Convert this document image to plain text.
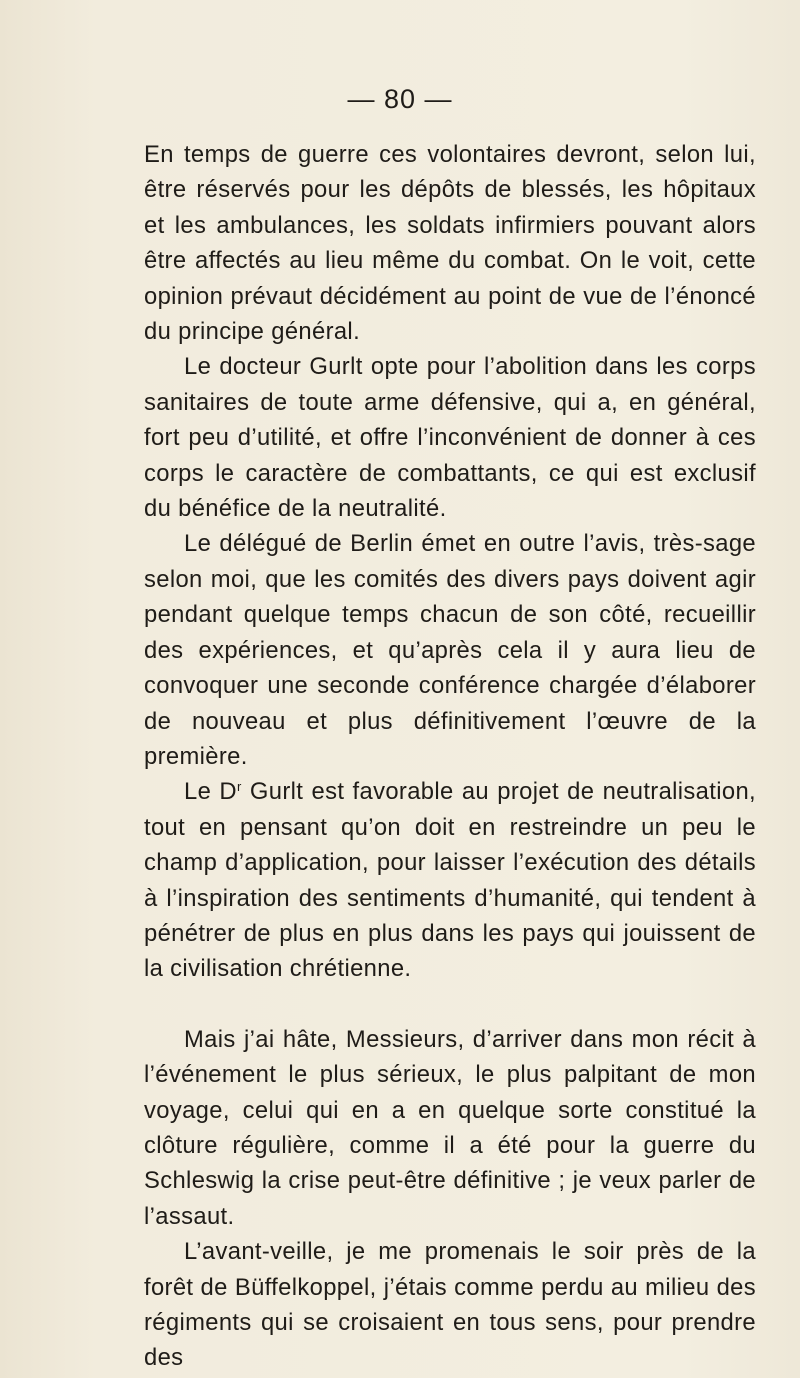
— 80 —

En temps de guerre ces volontaires devront, selon lui, être réservés pour les dépôts de blessés, les hôpitaux et les ambulances, les soldats infirmiers pouvant alors être affectés au lieu même du combat. On le voit, cette opinion prévaut décidément au point de vue de l’énoncé du principe général.

Le docteur Gurlt opte pour l’abolition dans les corps sanitaires de toute arme défensive, qui a, en général, fort peu d’utilité, et offre l’inconvénient de donner à ces corps le caractère de combattants, ce qui est exclusif du bénéfice de la neutralité.

Le délégué de Berlin émet en outre l’avis, très-sage selon moi, que les comités des divers pays doivent agir pendant quelque temps chacun de son côté, recueillir des expériences, et qu’après cela il y aura lieu de convoquer une seconde conférence chargée d’élaborer de nouveau et plus définitivement l’œuvre de la première.

Le $D^r$ Gurlt est favorable au projet de neutralisation, tout en pensant qu’on doit en restreindre un peu le champ d’application, pour laisser l’exécution des détails à l’inspiration des sentiments d’humanité, qui tendent à pénétrer de plus en plus dans les pays qui jouissent de la civilisation chrétienne.

Mais j’ai hâte, Messieurs, d’arriver dans mon récit à l’événement le plus sérieux, le plus palpitant de mon voyage, celui qui en a en quelque sorte constitué la clôture régulière, comme il a été pour la guerre du Schleswig la crise peut-être définitive ; je veux parler de l’assaut.

L’avant-veille, je me promenais le soir près de la forêt de Büffelkoppel, j’étais comme perdu au milieu des régiments qui se croisaient en tous sens, pour prendre des
